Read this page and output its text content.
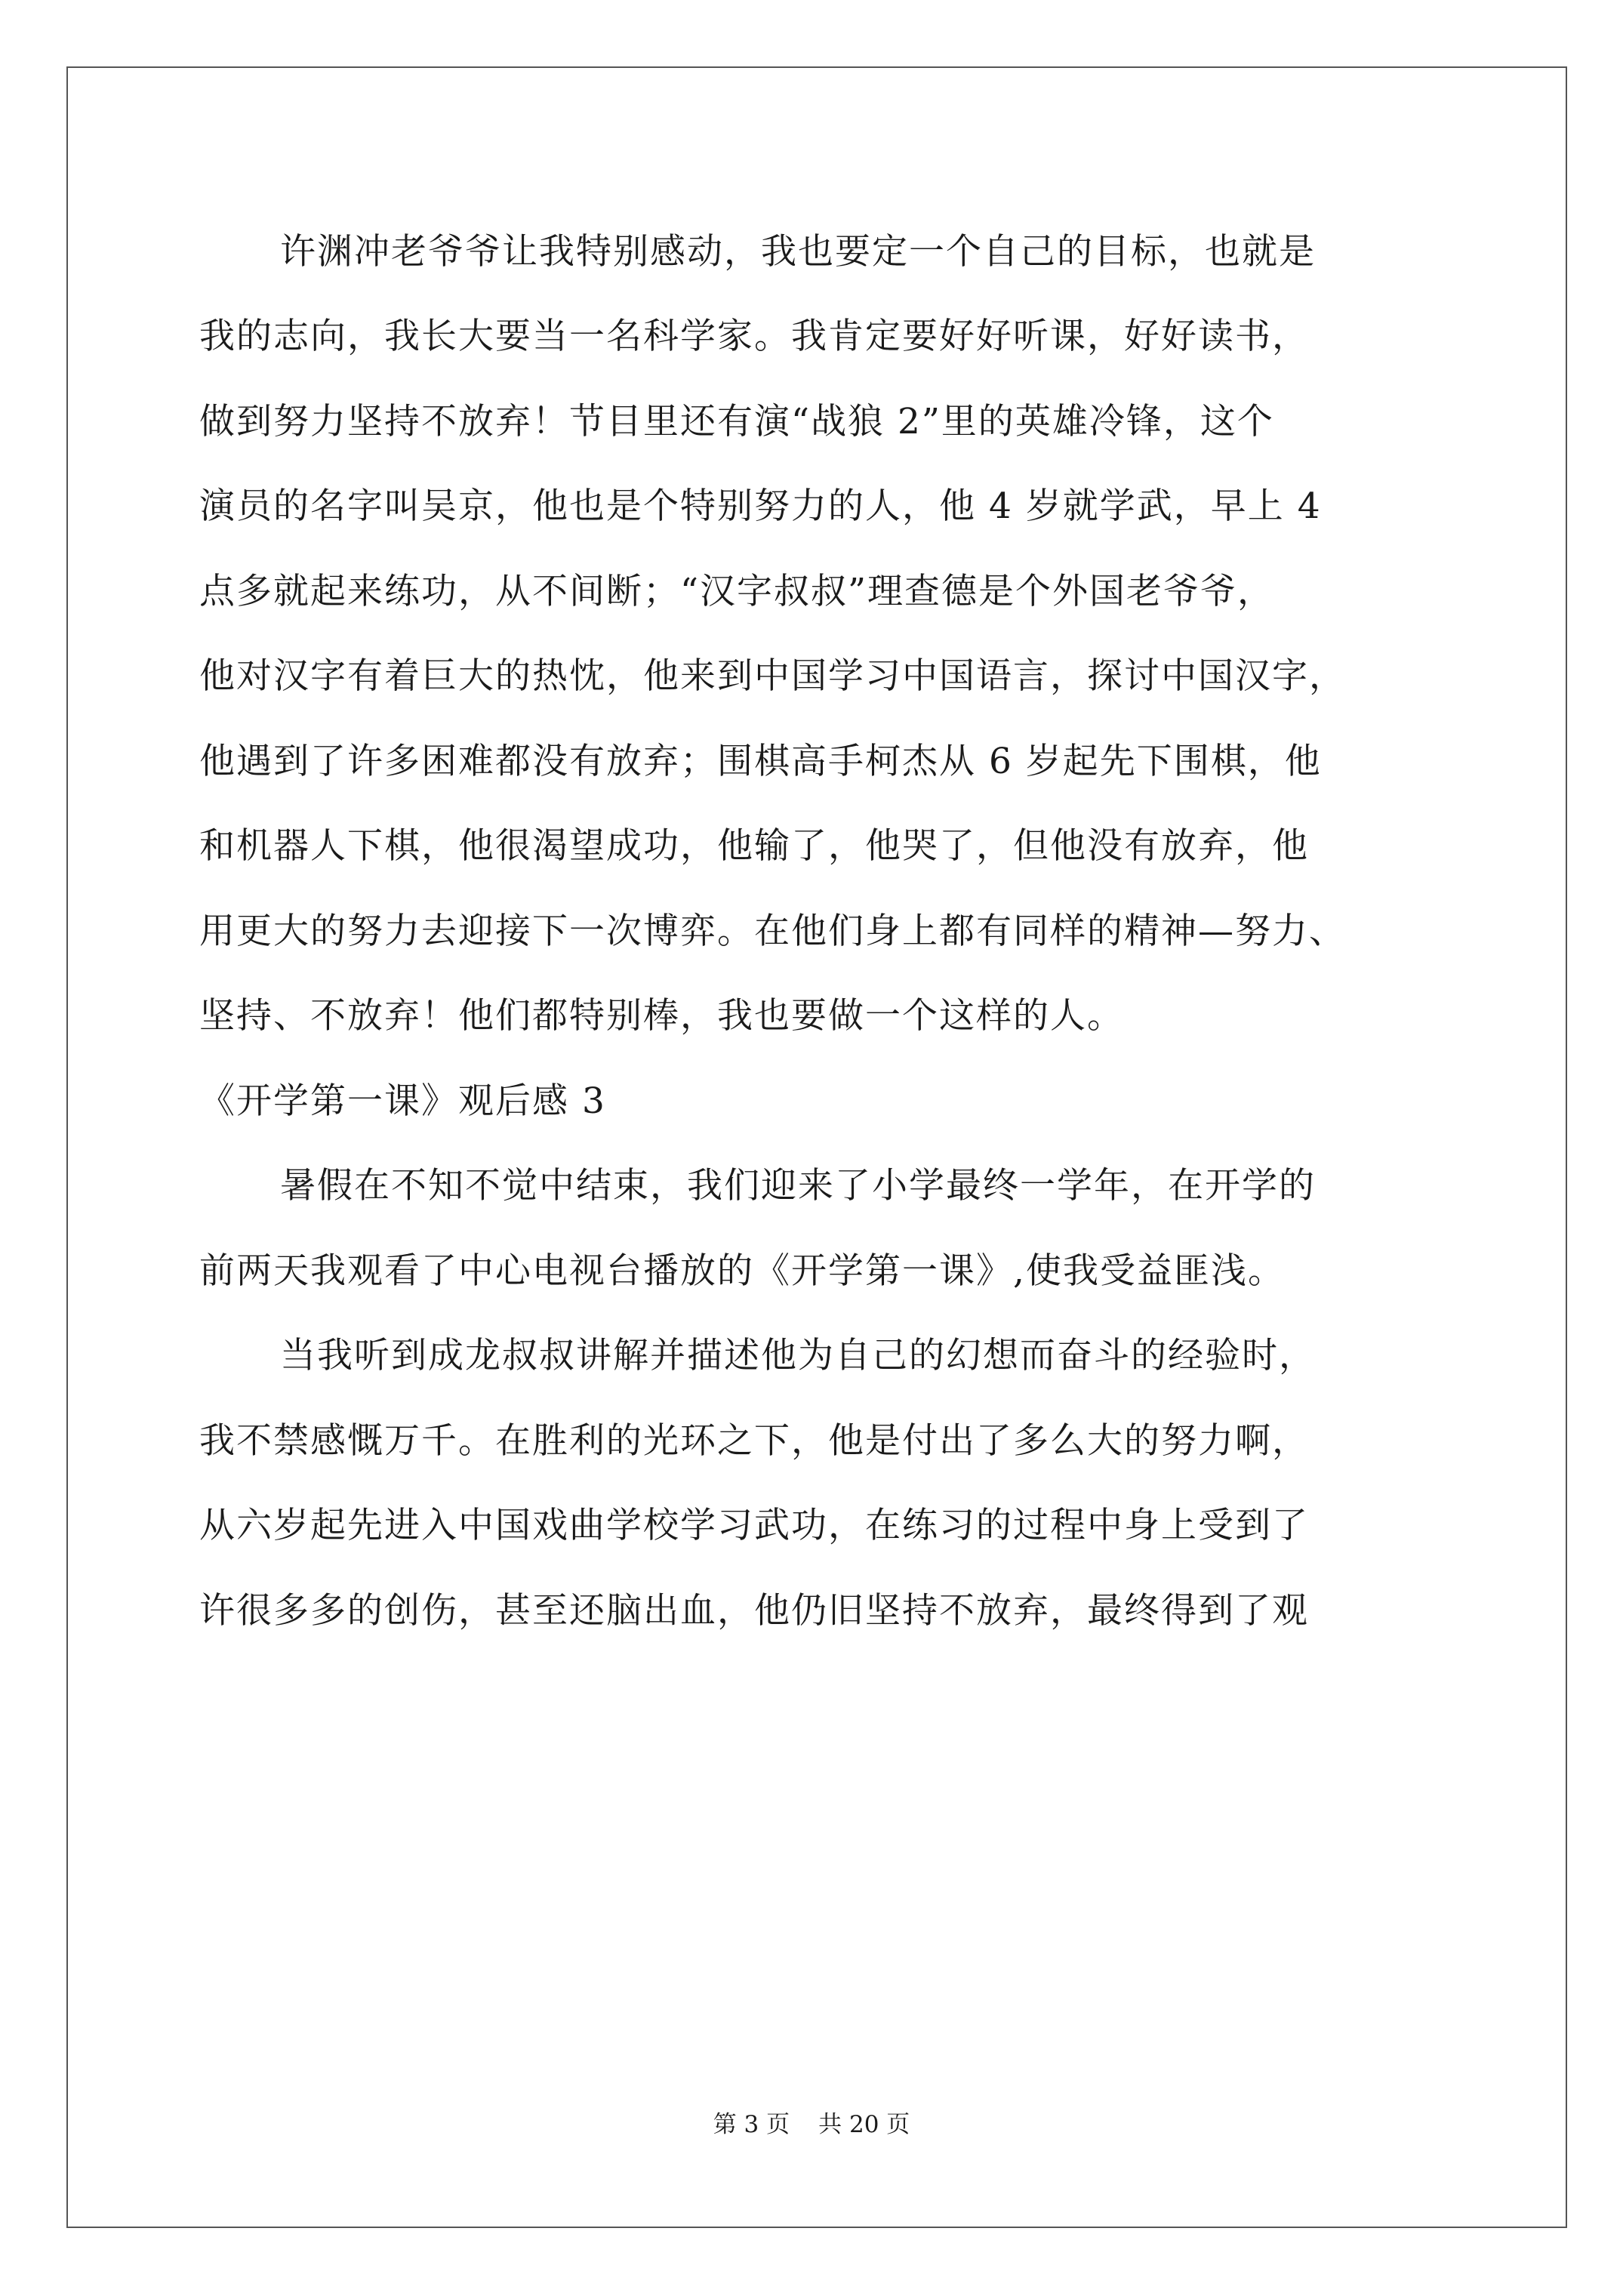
许渊冲老爷爷让我特别感动，我也要定一个自己的目标，也就是

我的志向，我长大要当一名科学家。我肯定要好好听课，好好读书，

做到努力坚持不放弃！节目里还有演“战狼 2”里的英雄冷锋，这个

演员的名字叫吴京，他也是个特别努力的人，他 4 岁就学武，早上 4

点多就起来练功，从不间断；“汉字叔叔”理查德是个外国老爷爷，

他对汉字有着巨大的热忱，他来到中国学习中国语言，探讨中国汉字，

他遇到了许多困难都没有放弃；围棋高手柯杰从 6 岁起先下围棋，他

和机器人下棋，他很渴望成功，他输了，他哭了，但他没有放弃，他

用更大的努力去迎接下一次博弈。在他们身上都有同样的精神—努力、

坚持、不放弃！他们都特别棒，我也要做一个这样的人。

《开学第一课》观后感 3

暑假在不知不觉中结束，我们迎来了小学最终一学年，在开学的

前两天我观看了中心电视台播放的《开学第一课》,使我受益匪浅。

当我听到成龙叔叔讲解并描述他为自己的幻想而奋斗的经验时，

我不禁感慨万千。在胜利的光环之下，他是付出了多么大的努力啊，

从六岁起先进入中国戏曲学校学习武功，在练习的过程中身上受到了

许很多多的创伤，甚至还脑出血，他仍旧坚持不放弃，最终得到了观

第 3 页 共 20 页
